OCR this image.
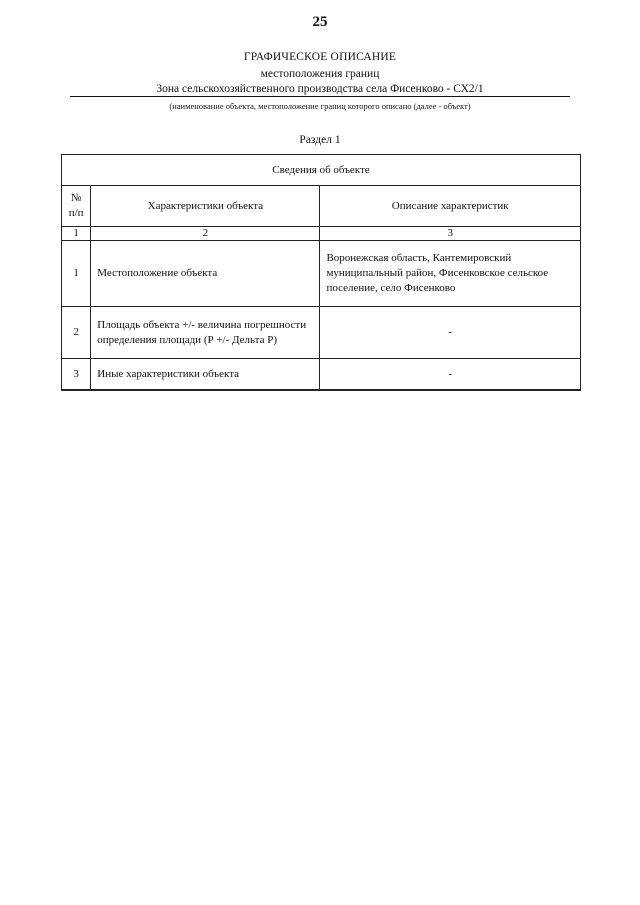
25
ГРАФИЧЕСКОЕ ОПИСАНИЕ
местоположения границ
Зона сельскохозяйственного производства села Фисенково - СХ2/1
(наименование объекта, местоположение границ которого описано (далее - объект)
Раздел 1
Сведения об объекте		
№ п/п	Характеристики объекта	Описание характеристик
1	2	3
1	Местоположение объекта	Воронежская область, Кантемировский муниципальный район, Фисенковское сельское поселение, село Фисенково
2	Площадь объекта +/- величина погрешности определения площади (Р +/- Дельта Р)	-
3	Иные характеристики объекта	-
